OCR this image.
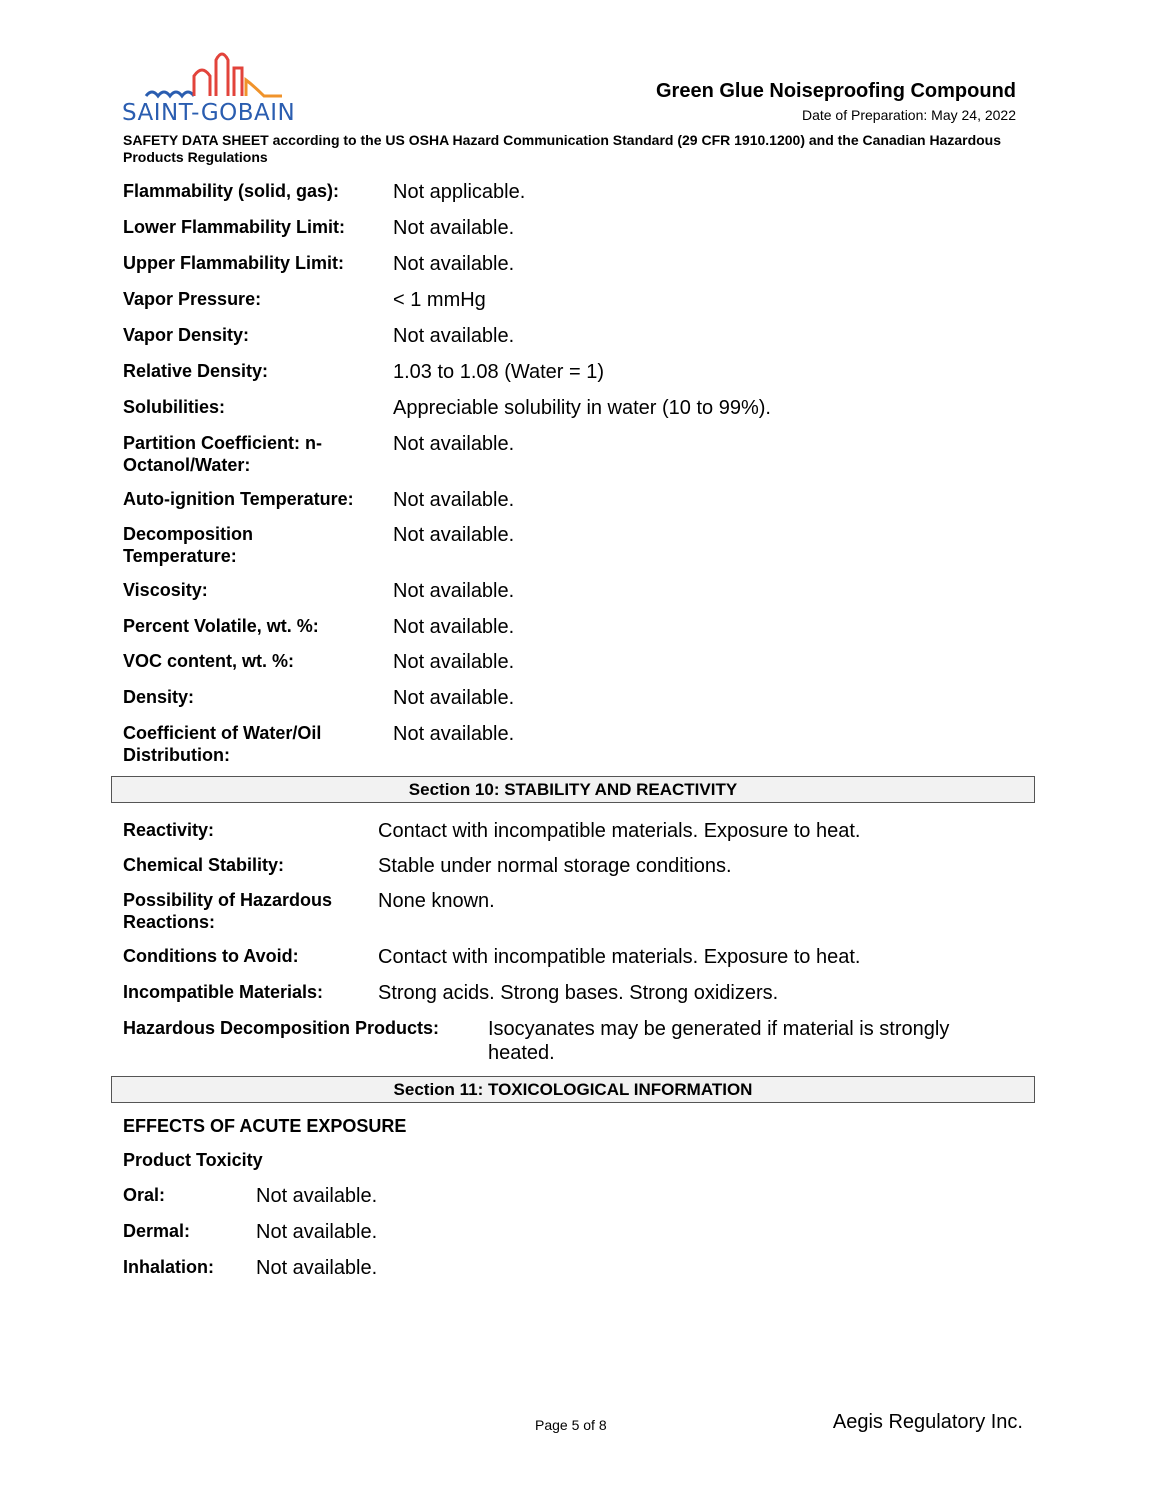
SAINT-GOBAIN
Green Glue Noiseproofing Compound
Date of Preparation: May 24, 2022
SAFETY DATA SHEET according to the US OSHA Hazard Communication Standard (29 CFR 1910.1200) and the Canadian Hazardous Products Regulations
Flammability (solid, gas):	Not applicable.
Lower Flammability Limit: Not available.
Upper Flammability Limit: Not available.
Vapor Pressure:	< 1 mmHg
Vapor Density:	Not available.
Relative Density:	1.03 to 1.08 (Water = 1)
Solubilities:	Appreciable solubility in water (10 to 99%).
Partition Coefficient: n-
Octanol/Water:
Not available.
Auto-ignition Temperature: Not available.
Decomposition
Temperature:
Not available.
Viscosity:	Not available.
Percent Volatile, wt. %:	Not available.
VOC content, wt. %:	Not available.
Density:	Not available.
Coefficient of Water/Oil
Distribution:
Not available.
Section 10: STABILITY AND REACTIVITY
Reactivity:	Contact with incompatible materials. Exposure to heat.
Chemical Stability:	Stable under normal storage conditions.
Possibility of Hazardous
Reactions:
None known.
Conditions to Avoid:	Contact with incompatible materials. Exposure to heat.
Incompatible Materials:	Strong acids. Strong bases. Strong oxidizers.
Hazardous Decomposition Products: Isocyanates may be generated if material is strongly
heated.
Section 11: TOXICOLOGICAL INFORMATION
EFFECTS OF ACUTE EXPOSURE
Product Toxicity
Oral:	Not available.
Dermal:	Not available.
Inhalation: Not available.
Page 5 of 8	Aegis Regulatory Inc.
